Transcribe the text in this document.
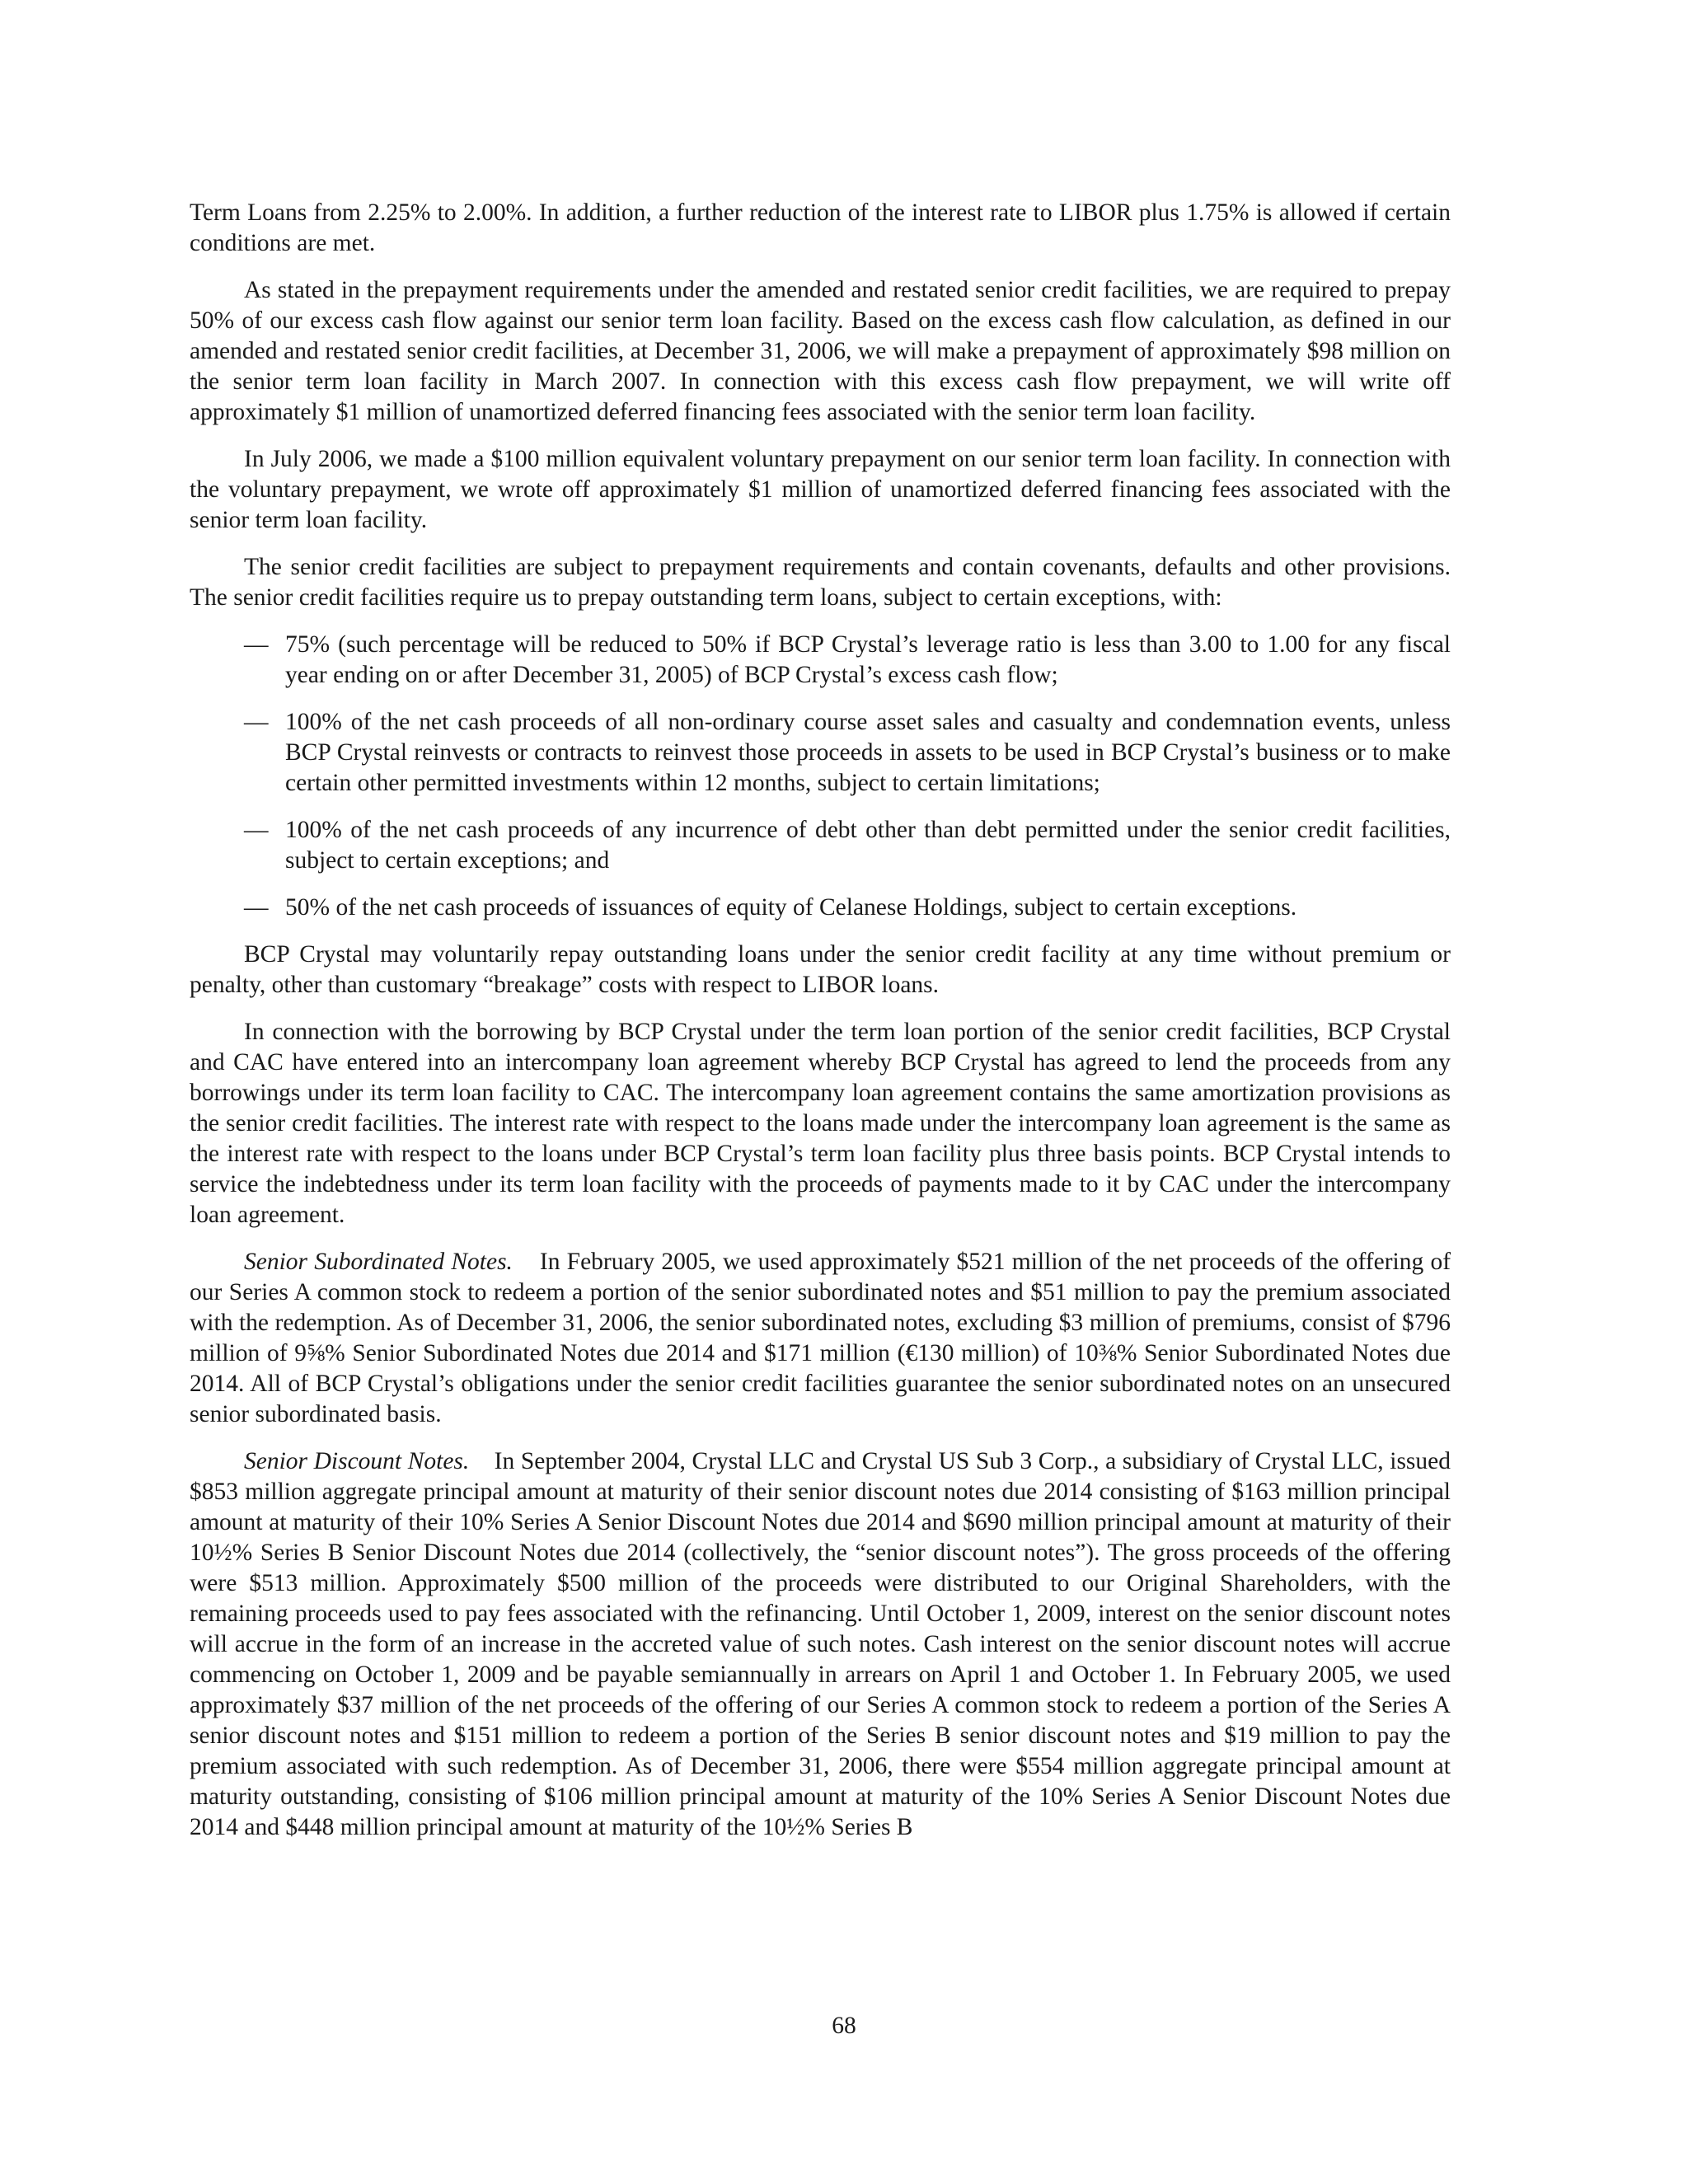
Term Loans from 2.25% to 2.00%. In addition, a further reduction of the interest rate to LIBOR plus 1.75% is allowed if certain conditions are met.

As stated in the prepayment requirements under the amended and restated senior credit facilities, we are required to prepay 50% of our excess cash flow against our senior term loan facility. Based on the excess cash flow calculation, as defined in our amended and restated senior credit facilities, at December 31, 2006, we will make a prepayment of approximately $98 million on the senior term loan facility in March 2007. In connection with this excess cash flow prepayment, we will write off approximately $1 million of unamortized deferred financing fees associated with the senior term loan facility.

In July 2006, we made a $100 million equivalent voluntary prepayment on our senior term loan facility. In connection with the voluntary prepayment, we wrote off approximately $1 million of unamortized deferred financing fees associated with the senior term loan facility.

The senior credit facilities are subject to prepayment requirements and contain covenants, defaults and other provisions. The senior credit facilities require us to prepay outstanding term loans, subject to certain exceptions, with:

— 75% (such percentage will be reduced to 50% if BCP Crystal’s leverage ratio is less than 3.00 to 1.00 for any fiscal year ending on or after December 31, 2005) of BCP Crystal’s excess cash flow;
— 100% of the net cash proceeds of all non-ordinary course asset sales and casualty and condemnation events, unless BCP Crystal reinvests or contracts to reinvest those proceeds in assets to be used in BCP Crystal’s business or to make certain other permitted investments within 12 months, subject to certain limitations;
— 100% of the net cash proceeds of any incurrence of debt other than debt permitted under the senior credit facilities, subject to certain exceptions; and
— 50% of the net cash proceeds of issuances of equity of Celanese Holdings, subject to certain exceptions.

BCP Crystal may voluntarily repay outstanding loans under the senior credit facility at any time without premium or penalty, other than customary “breakage” costs with respect to LIBOR loans.

In connection with the borrowing by BCP Crystal under the term loan portion of the senior credit facilities, BCP Crystal and CAC have entered into an intercompany loan agreement whereby BCP Crystal has agreed to lend the proceeds from any borrowings under its term loan facility to CAC. The intercompany loan agreement contains the same amortization provisions as the senior credit facilities. The interest rate with respect to the loans made under the intercompany loan agreement is the same as the interest rate with respect to the loans under BCP Crystal’s term loan facility plus three basis points. BCP Crystal intends to service the indebtedness under its term loan facility with the proceeds of payments made to it by CAC under the intercompany loan agreement.

Senior Subordinated Notes. In February 2005, we used approximately $521 million of the net proceeds of the offering of our Series A common stock to redeem a portion of the senior subordinated notes and $51 million to pay the premium associated with the redemption. As of December 31, 2006, the senior subordinated notes, excluding $3 million of premiums, consist of $796 million of 9⅝% Senior Subordinated Notes due 2014 and $171 million (€130 million) of 10⅜% Senior Subordinated Notes due 2014. All of BCP Crystal’s obligations under the senior credit facilities guarantee the senior subordinated notes on an unsecured senior subordinated basis.

Senior Discount Notes. In September 2004, Crystal LLC and Crystal US Sub 3 Corp., a subsidiary of Crystal LLC, issued $853 million aggregate principal amount at maturity of their senior discount notes due 2014 consisting of $163 million principal amount at maturity of their 10% Series A Senior Discount Notes due 2014 and $690 million principal amount at maturity of their 10½% Series B Senior Discount Notes due 2014 (collectively, the “senior discount notes”). The gross proceeds of the offering were $513 million. Approximately $500 million of the proceeds were distributed to our Original Shareholders, with the remaining proceeds used to pay fees associated with the refinancing. Until October 1, 2009, interest on the senior discount notes will accrue in the form of an increase in the accreted value of such notes. Cash interest on the senior discount notes will accrue commencing on October 1, 2009 and be payable semiannually in arrears on April 1 and October 1. In February 2005, we used approximately $37 million of the net proceeds of the offering of our Series A common stock to redeem a portion of the Series A senior discount notes and $151 million to redeem a portion of the Series B senior discount notes and $19 million to pay the premium associated with such redemption. As of December 31, 2006, there were $554 million aggregate principal amount at maturity outstanding, consisting of $106 million principal amount at maturity of the 10% Series A Senior Discount Notes due 2014 and $448 million principal amount at maturity of the 10½% Series B

68
